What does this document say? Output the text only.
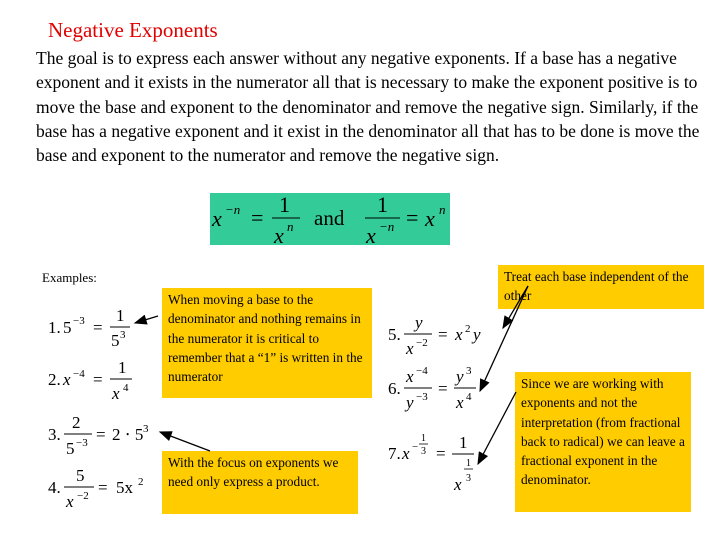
Negative Exponents

The goal is to express each answer without any negative exponents. If a base has a negative exponent and it exists in the numerator all that is necessary to make the exponent positive is to move the base and exponent to the denominator and remove the negative sign. Similarly, if the base has a negative exponent and it exist in the denominator all that has to be done is move the base and exponent to the numerator and remove the negative sign.

x −n =
1
x n and
1
x −n = x n
Examples:
When moving a base to the denominator and nothing remains in the numerator it is critical to remember that a “1” is written in the numerator
With the focus on exponents we need only express a product.
Treat each base independent of the other
Since we are working with exponents and not the interpretation (from fractional back to radical) we can leave a fractional exponent in the denominator.
1. 5 −3 =
1
5 3
2. x −4 =
1
x 4
3.
2
5 −3 = 2 ⋅ 5 3
4.
5
x −2 = 5x 2
5.
y
x −2 = x 2 y
6.
x −4
y −3 =
y 3
x 4
7. x −
1
3 =
1
1
x 3
